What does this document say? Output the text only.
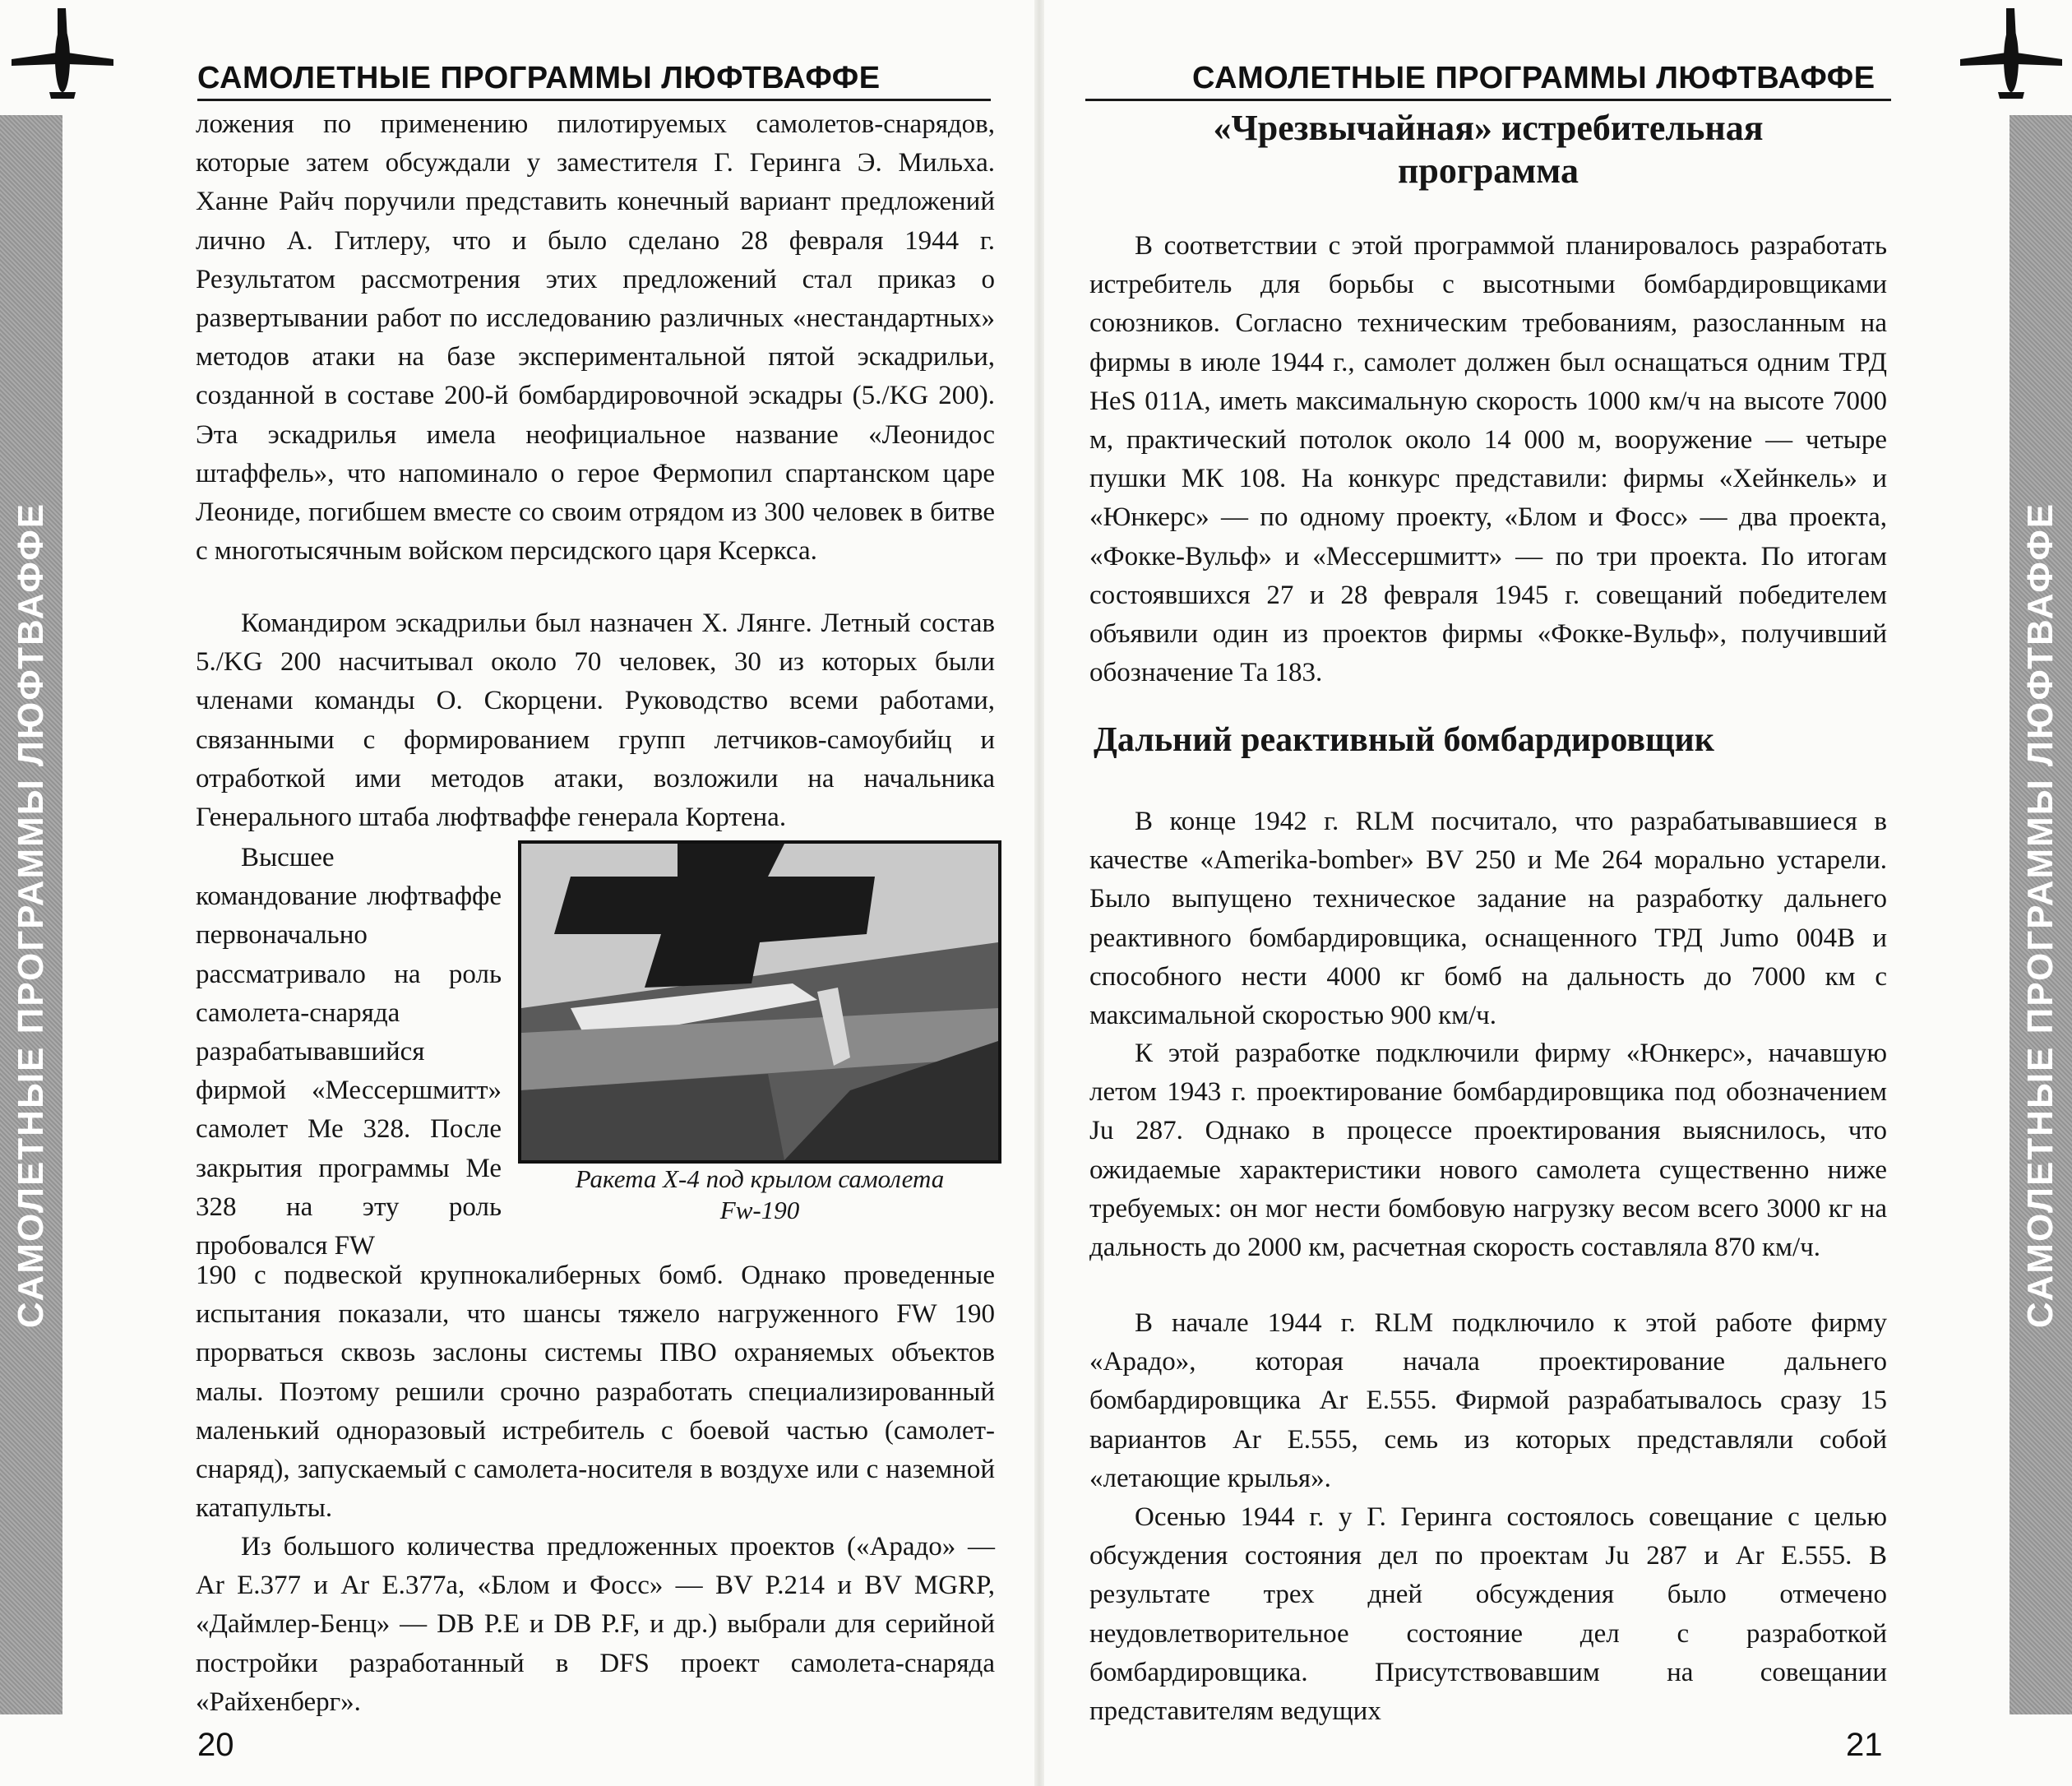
САМОЛЕТНЫЕ ПРОГРАММЫ ЛЮФТВАФФЕ	САМОЛЕТНЫЕ ПРОГРАММЫ ЛЮФТВАФФЕ
САМОЛЕТНЫЕ ПРОГРАММЫ ЛЮФТВАФФЕ	САМОЛЕТНЫЕ ПРОГРАММЫ ЛЮФТВАФФЕ

ложения по применению пилотируемых самолетов-снарядов, которые затем обсуждали у заместителя Г. Геринга Э. Мильха. Ханне Райч поручили представить конечный вариант предложений лично А. Гитлеру, что и было сделано 28 февраля 1944 г. Результатом рассмотрения этих предложений стал приказ о развертывании работ по исследованию различных «нестандартных» методов атаки на базе экспериментальной пятой эскадрильи, созданной в составе 200-й бомбардировочной эскадры (5./KG 200). Эта эскадрилья имела неофициальное название «Леонидос штаффель», что напоминало о герое Фермопил спартанском царе Леониде, погибшем вместе со своим отрядом из 300 человек в битве с многотысячным войском персидского царя Ксеркса.

Командиром эскадрильи был назначен Х. Лянге. Летный состав 5./KG 200 насчитывал около 70 человек, 30 из которых были членами команды О. Скорцени. Руководство всеми работами, связанными с формированием групп летчиков-самоубийц и отработкой ими методов атаки, возложили на начальника Генерального штаба люфтваффе генерала Кортена.

Высшее командование люфтваффе первоначально рассматривало на роль самолета-снаряда разрабатывавшийся фирмой «Мессершмитт» самолет Ме 328. После закрытия программы Ме 328 на эту роль пробовался FW

190 с подвеской крупнокалиберных бомб. Однако проведенные испытания показали, что шансы тяжело нагруженного FW 190 прорваться сквозь заслоны системы ПВО охраняемых объектов малы. Поэтому решили срочно разработать специализированный маленький одноразовый истребитель с боевой частью (самолет-снаряд), запускаемый с самолета-носителя в воздухе или с наземной катапульты.

Из большого количества предложенных проектов («Арадо» — Ar E.377 и Ar E.377a, «Блом и Фосс» — BV P.214 и BV MGRP, «Даймлер-Бенц» — DB P.E и DB P.F, и др.) выбрали для серийной постройки разработанный в DFS проект самолета-снаряда «Райхенберг».

Ракета Х-4 под крылом самолета
Fw-190
20
«Чрезвычайная» истребительная
программа

В соответствии с этой программой планировалось разработать истребитель для борьбы с высотными бомбардировщиками союзников. Согласно техническим требованиям, разосланным на фирмы в июле 1944 г., самолет должен был оснащаться одним ТРД HeS 011A, иметь максимальную скорость 1000 км/ч на высоте 7000 м, практический потолок около 14 000 м, вооружение — четыре пушки МК 108. На конкурс представили: фирмы «Хейнкель» и «Юнкерс» — по одному проекту, «Блом и Фосс» — два проекта, «Фокке-Вульф» и «Мессершмитт» — по три проекта. По итогам состоявшихся 27 и 28 февраля 1945 г. совещаний победителем объявили один из проектов фирмы «Фокке-Вульф», получивший обозначение Та 183.

Дальний реактивный бомбардировщик

В конце 1942 г. RLM посчитало, что разрабатывавшиеся в качестве «Amerika-bomber» BV 250 и Ме 264 морально устарели. Было выпущено техническое задание на разработку дальнего реактивного бомбардировщика, оснащенного ТРД Jumo 004B и способного нести 4000 кг бомб на дальность до 7000 км с максимальной скоростью 900 км/ч.

К этой разработке подключили фирму «Юнкерс», начавшую летом 1943 г. проектирование бомбардировщика под обозначением Ju 287. Однако в процессе проектирования выяснилось, что ожидаемые характеристики нового самолета существенно ниже требуемых: он мог нести бомбовую нагрузку весом всего 3000 кг на дальность до 2000 км, расчетная скорость составляла 870 км/ч.

В начале 1944 г. RLM подключило к этой работе фирму «Арадо», которая начала проектирование дальнего бомбардировщика Ar E.555. Фирмой разрабатывалось сразу 15 вариантов Ar E.555, семь из которых представляли собой «летающие крылья».

Осенью 1944 г. у Г. Геринга состоялось совещание с целью обсуждения состояния дел по проектам Ju 287 и Ar E.555. В результате трех дней обсуждения было отмечено неудовлетворительное состояние дел с разработкой бомбардировщика. Присутствовавшим на совещании представителям ведущих

21
